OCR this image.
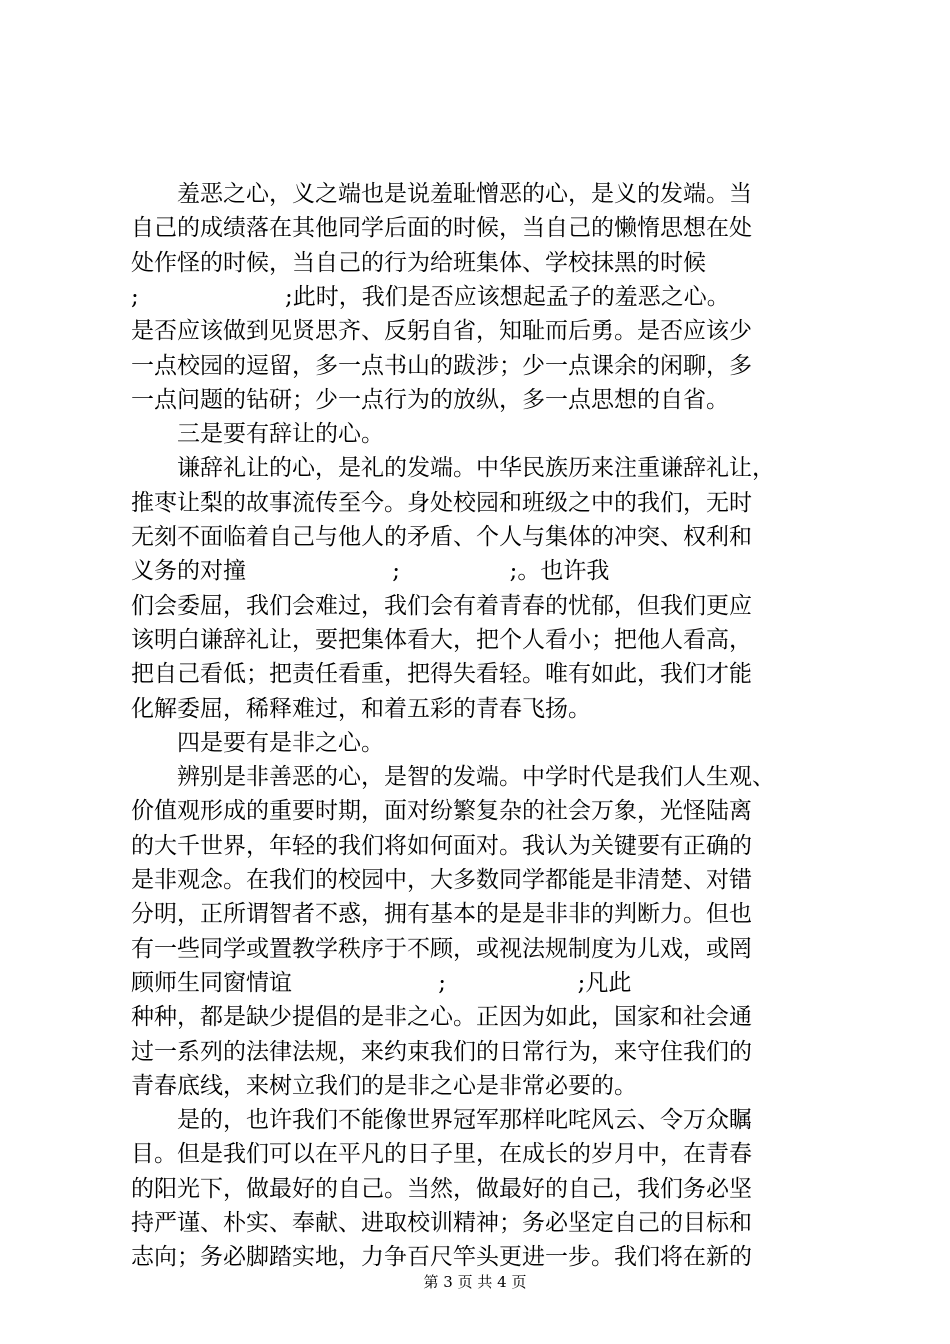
　　羞恶之心，义之端也是说羞耻憎恶的心，是义的发端。当
自己的成绩落在其他同学后面的时候，当自己的懒惰思想在处
处作怪的时候，当自己的行为给班集体、学校抹黑的时候
;                    ;此时，我们是否应该想起孟子的羞恶之心。
是否应该做到见贤思齐、反躬自省，知耻而后勇。是否应该少
一点校园的逗留，多一点书山的跋涉；少一点课余的闲聊，多
一点问题的钻研；少一点行为的放纵，多一点思想的自省。
　　三是要有辞让的心。
　　谦辞礼让的心，是礼的发端。中华民族历来注重谦辞礼让，
推枣让梨的故事流传至今。身处校园和班级之中的我们，无时
无刻不面临着自己与他人的矛盾、个人与集体的冲突、权利和
义务的对撞                    ;               ;。也许我
们会委屈，我们会难过，我们会有着青春的忧郁，但我们更应
该明白谦辞礼让，要把集体看大，把个人看小；把他人看高，
把自己看低；把责任看重，把得失看轻。唯有如此，我们才能
化解委屈，稀释难过，和着五彩的青春飞扬。
　　四是要有是非之心。
　　辨别是非善恶的心，是智的发端。中学时代是我们人生观、
价值观形成的重要时期，面对纷繁复杂的社会万象，光怪陆离
的大千世界，年轻的我们将如何面对。我认为关键要有正确的
是非观念。在我们的校园中，大多数同学都能是非清楚、对错
分明，正所谓智者不惑，拥有基本的是是非非的判断力。但也
有一些同学或置教学秩序于不顾，或视法规制度为儿戏，或罔
顾师生同窗情谊                    ;                  ;凡此
种种，都是缺少提倡的是非之心。正因为如此，国家和社会通
过一系列的法律法规，来约束我们的日常行为，来守住我们的
青春底线，来树立我们的是非之心是非常必要的。
　　是的，也许我们不能像世界冠军那样叱咤风云、令万众瞩
目。但是我们可以在平凡的日子里，在成长的岁月中，在青春
的阳光下，做最好的自己。当然，做最好的自己，我们务必坚
持严谨、朴实、奉献、进取校训精神；务必坚定自己的目标和
志向；务必脚踏实地，力争百尺竿头更进一步。我们将在新的
第 3 页 共 4 页
